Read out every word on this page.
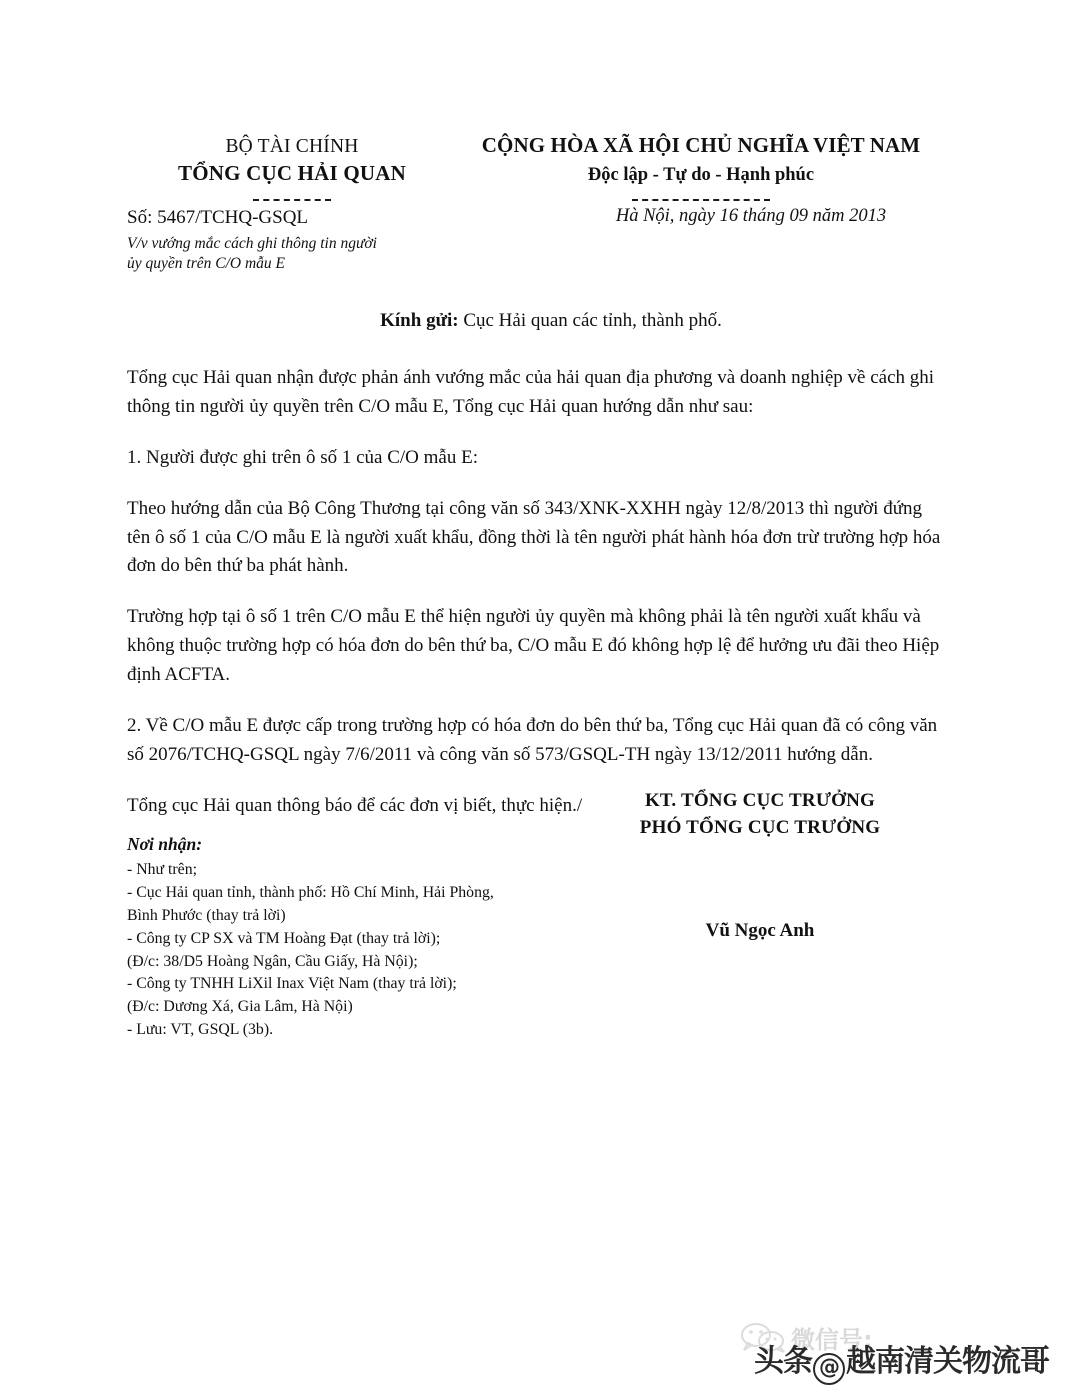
BỘ TÀI CHÍNH
TỔNG CỤC HẢI QUAN
CỘNG HÒA XÃ HỘI CHỦ NGHĨA VIỆT NAM
Độc lập - Tự do - Hạnh phúc
Số: 5467/TCHQ-GSQL
V/v vướng mắc cách ghi thông tin người ủy quyền trên C/O mẫu E
Hà Nội, ngày 16 tháng 09 năm 2013
Kính gửi: Cục Hải quan các tỉnh, thành phố.

Tổng cục Hải quan nhận được phản ánh vướng mắc của hải quan địa phương và doanh nghiệp về cách ghi thông tin người ủy quyền trên C/O mẫu E, Tổng cục Hải quan hướng dẫn như sau:

1. Người được ghi trên ô số 1 của C/O mẫu E:

Theo hướng dẫn của Bộ Công Thương tại công văn số 343/XNK-XXHH ngày 12/8/2013 thì người đứng tên ô số 1 của C/O mẫu E là người xuất khẩu, đồng thời là tên người phát hành hóa đơn trừ trường hợp hóa đơn do bên thứ ba phát hành.

Trường hợp tại ô số 1 trên C/O mẫu E thể hiện người ủy quyền mà không phải là tên người xuất khẩu và không thuộc trường hợp có hóa đơn do bên thứ ba, C/O mẫu E đó không hợp lệ để hưởng ưu đãi theo Hiệp định ACFTA.

2. Về C/O mẫu E được cấp trong trường hợp có hóa đơn do bên thứ ba, Tổng cục Hải quan đã có công văn số 2076/TCHQ-GSQL ngày 7/6/2011 và công văn số 573/GSQL-TH ngày 13/12/2011 hướng dẫn.

Tổng cục Hải quan thông báo để các đơn vị biết, thực hiện./	KT. TỔNG CỤC TRƯỞNG
PHÓ TỔNG CỤC TRƯỞNG
Vũ Ngọc Anh
Nơi nhận:
- Như trên;
- Cục Hải quan tỉnh, thành phố: Hồ Chí Minh, Hải Phòng, Bình Phước (thay trả lời)
- Công ty CP SX và TM Hoàng Đạt (thay trả lời);
(Đ/c: 38/D5 Hoàng Ngân, Cầu Giấy, Hà Nội);
- Công ty TNHH LiXil Inax Việt Nam (thay trả lời);
(Đ/c: Dương Xá, Gia Lâm, Hà Nội)
- Lưu: VT, GSQL (3b).
微信号:
头条 @ 越南清关物流哥
